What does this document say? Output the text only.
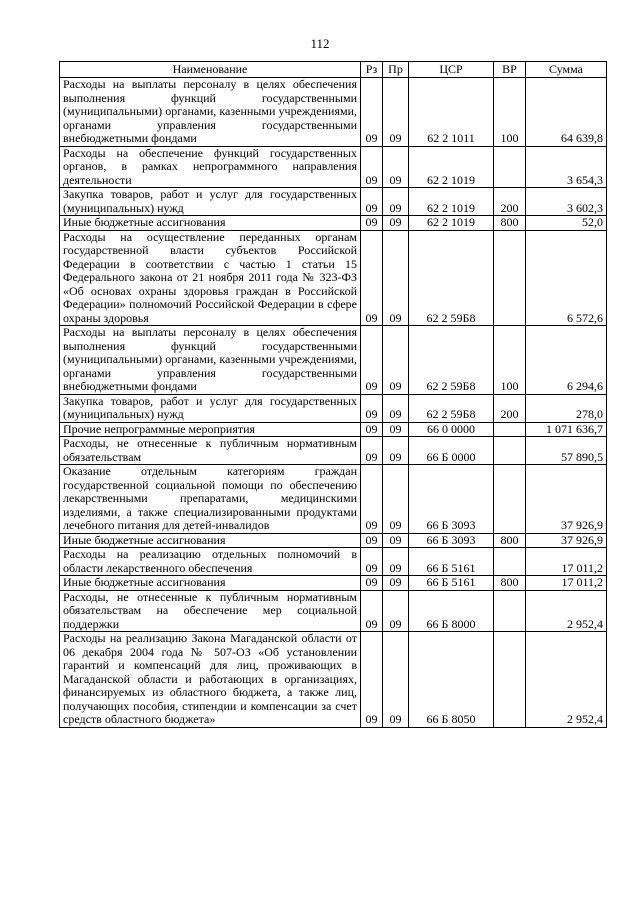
112
Наименование	Рз	Пр	ЦСР	ВР	Сумма
Расходы на выплаты персоналу в целях обеспечения выполнения функций государственными (муниципальными) органами, казенными учреждениями, органами управления государственными внебюджетными фондами	09	09	62 2 1011	100	64 639,8
Расходы на обеспечение функций государственных органов, в рамках непрограммного направления деятельности	09	09	62 2 1019		3 654,3
Закупка товаров, работ и услуг для государственных (муниципальных) нужд	09	09	62 2 1019	200	3 602,3
Иные бюджетные ассигнования	09	09	62 2 1019	800	52,0
Расходы на осуществление переданных органам государственной власти субъектов Российской Федерации в соответствии с частью 1 статьи 15 Федерального закона от 21 ноября 2011 года № 323-ФЗ «Об основах охраны здоровья граждан в Российской Федерации» полномочий Российской Федерации в сфере охраны здоровья	09	09	62 2 59Б8		6 572,6
Расходы на выплаты персоналу в целях обеспечения выполнения функций государственными (муниципальными) органами, казенными учреждениями, органами управления государственными внебюджетными фондами	09	09	62 2 59Б8	100	6 294,6
Закупка товаров, работ и услуг для государственных (муниципальных) нужд	09	09	62 2 59Б8	200	278,0
Прочие непрограммные мероприятия	09	09	66 0 0000		1 071 636,7
Расходы, не отнесенные к публичным нормативным обязательствам	09	09	66 Б 0000		57 890,5
Оказание отдельным категориям граждан государственной социальной помощи по обеспечению лекарственными препаратами, медицинскими изделиями, а также специализированными продуктами лечебного питания для детей-инвалидов	09	09	66 Б 3093		37 926,9
Иные бюджетные ассигнования	09	09	66 Б 3093	800	37 926,9
Расходы на реализацию отдельных полномочий в области лекарственного обеспечения	09	09	66 Б 5161		17 011,2
Иные бюджетные ассигнования	09	09	66 Б 5161	800	17 011,2
Расходы, не отнесенные к публичным нормативным обязательствам на обеспечение мер социальной поддержки	09	09	66 Б 8000		2 952,4
Расходы на реализацию Закона Магаданской области от 06 декабря 2004 года № 507-ОЗ «Об установлении гарантий и компенсаций для лиц, проживающих в Магаданской области и работающих в организациях, финансируемых из областного бюджета, а также лиц, получающих пособия, стипендии и компенсации за счет средств областного бюджета»	09	09	66 Б 8050		2 952,4
